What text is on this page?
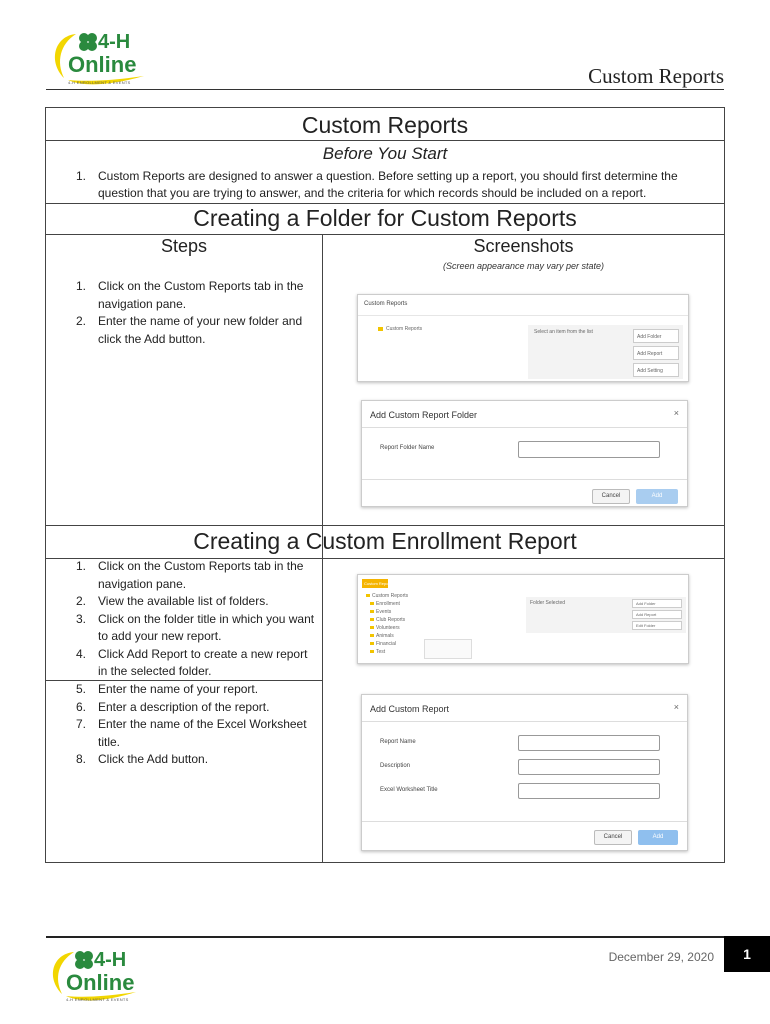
4-H
Online
4-H ENROLLMENT & EVENTS	Custom Reports
Custom Reports
Before You Start
1. Custom Reports are designed to answer a question. Before setting up a report, you should first determine the question that you are trying to answer, and the criteria for which records should be included on a report.
Creating a Folder for Custom Reports
Steps	Screenshots
(Screen appearance may vary per state)
1. Click on the Custom Reports tab in the navigation pane.
2. Enter the name of your new folder and click the Add button.
Custom Reports
Custom Reports	Select an item from the list
Add Folder
Add Report
Add Setting
Add Custom Report Folder	×
Report Folder Name
Cancel	Add
Creating a Custom Enrollment Report
1. Click on the Custom Reports tab in the navigation pane.
2. View the available list of folders.
3. Click on the folder title in which you want to add your new report.
4. Click Add Report to create a new report in the selected folder.
5. Enter the name of your report.
6. Enter a description of the report.
7. Enter the name of the Excel Worksheet title.
8. Click the Add button.
Custom Reports
Custom Reports
Enrollment
Events
Club Reports
Volunteers
Animals
Financial
Test
Folder Selected	Add Folder
Add Report
Edit Folder
Add Custom Report	×
Report Name
Description
Excel Worksheet Title
Cancel	Add
December 29, 2020	1
4-H
Online
4-H ENROLLMENT & EVENTS
